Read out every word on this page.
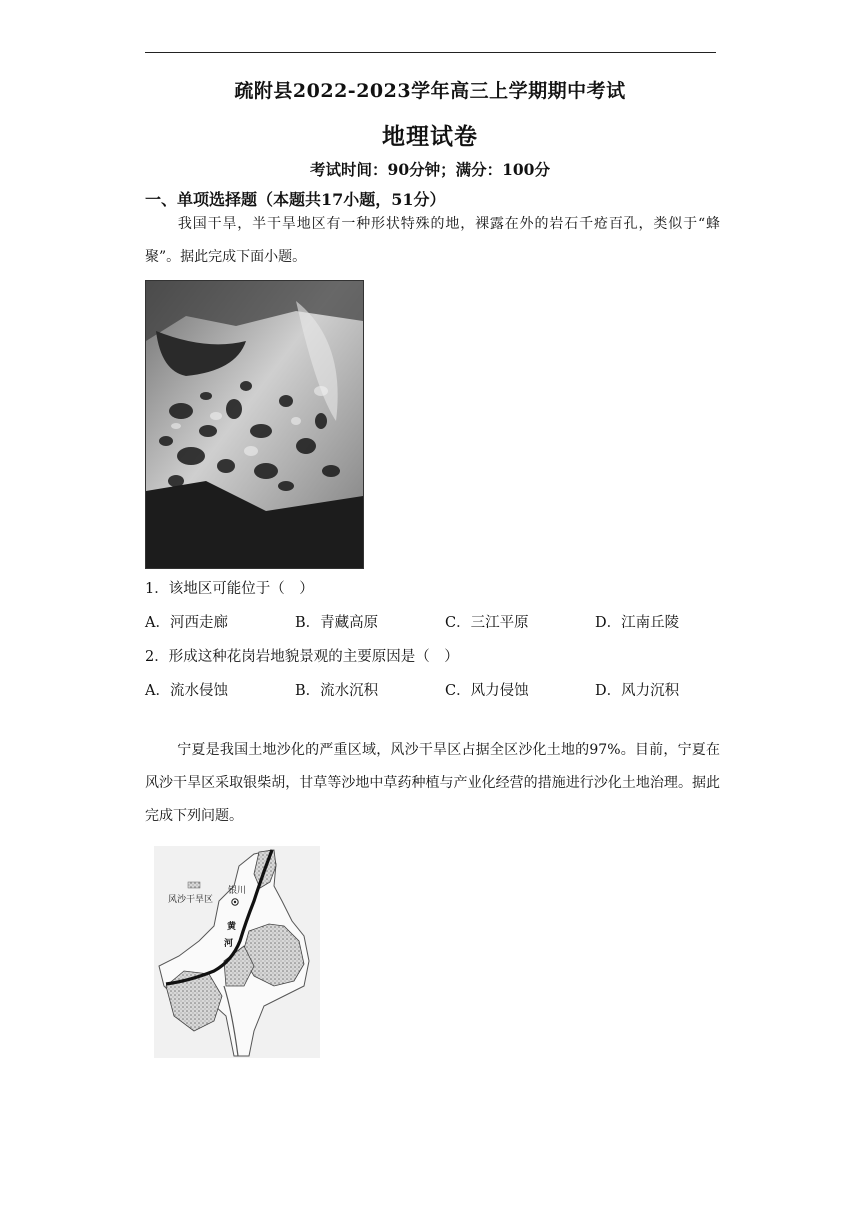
疏附县2022-2023学年高三上学期期中考试
地理试卷
考试时间：90分钟；满分：100分
一、单项选择题（本题共17小题，51分）
我国干旱，半干旱地区有一种形状特殊的地，裸露在外的岩石千疮百孔，类似于“蜂聚”。据此完成下面小题。
1．该地区可能位于（　）
A．河西走廊	B．青藏高原	C．三江平原	D．江南丘陵
2．形成这种花岗岩地貌景观的主要原因是（　）
A．流水侵蚀	B．流水沉积	C．风力侵蚀	D．风力沉积
宁夏是我国土地沙化的严重区域，风沙干旱区占据全区沙化土地的97%。目前，宁夏在风沙干旱区采取银柴胡，甘草等沙地中草药种植与产业化经营的措施进行沙化土地治理。据此完成下列问题。
风沙干旱区
银川
黄
河
